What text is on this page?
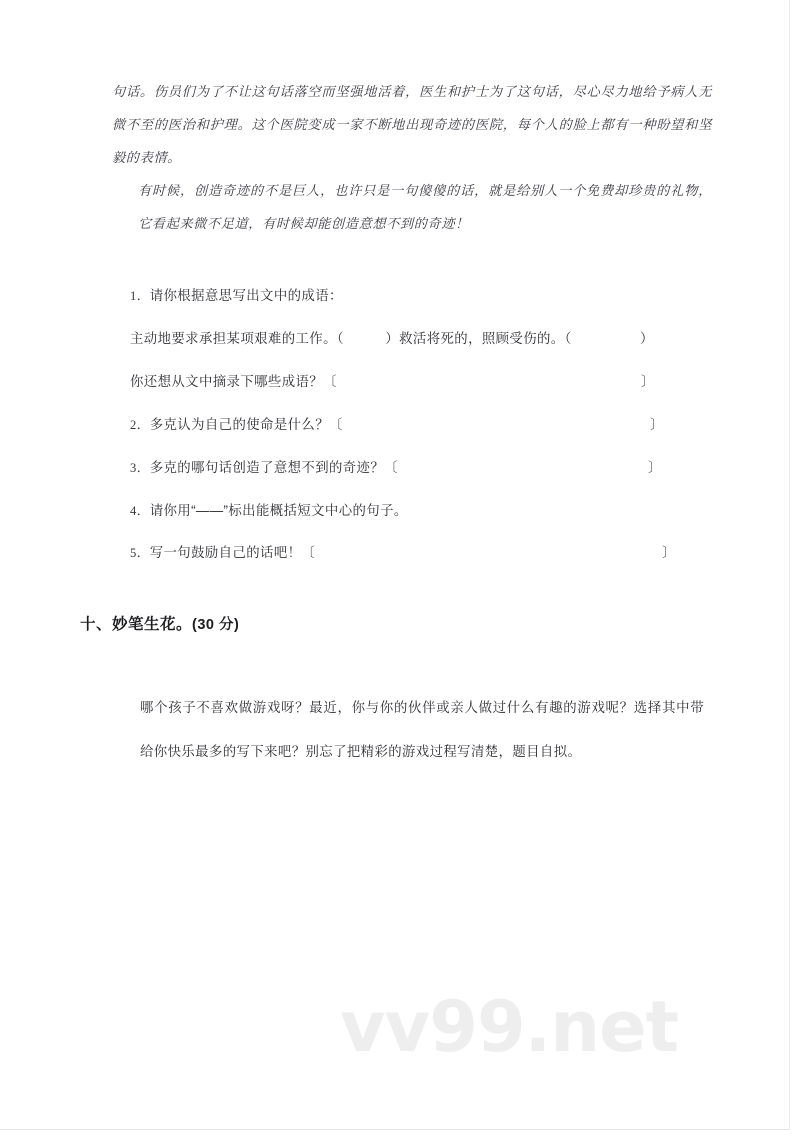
句话。伤员们为了不让这句话落空而坚强地活着，医生和护士为了这句话，尽心尽力地给予病人无微不至的医治和护理。这个医院变成一家不断地出现奇迹的医院，每个人的脸上都有一种盼望和坚毅的表情。
有时候，创造奇迹的不是巨人，也许只是一句傻傻的话，就是给别人一个免费却珍贵的礼物，它看起来微不足道，有时候却能创造意想不到的奇迹！
1．请你根据意思写出文中的成语：
主动地要求承担某项艰难的工作。（　　　）救活将死的，照顾受伤的。（	）
你还想从文中摘录下哪些成语？〔	〕
2．多克认为自己的使命是什么？〔	〕
3．多克的哪句话创造了意想不到的奇迹？〔	〕
4．请你用“——”标出能概括短文中心的句子。
5．写一句鼓励自己的话吧！〔	〕
十、妙笔生花。(30 分)
哪个孩子不喜欢做游戏呀？最近，你与你的伙伴或亲人做过什么有趣的游戏呢？选择其中带给你快乐最多的写下来吧？别忘了把精彩的游戏过程写清楚，题目自拟。
vv99.net
